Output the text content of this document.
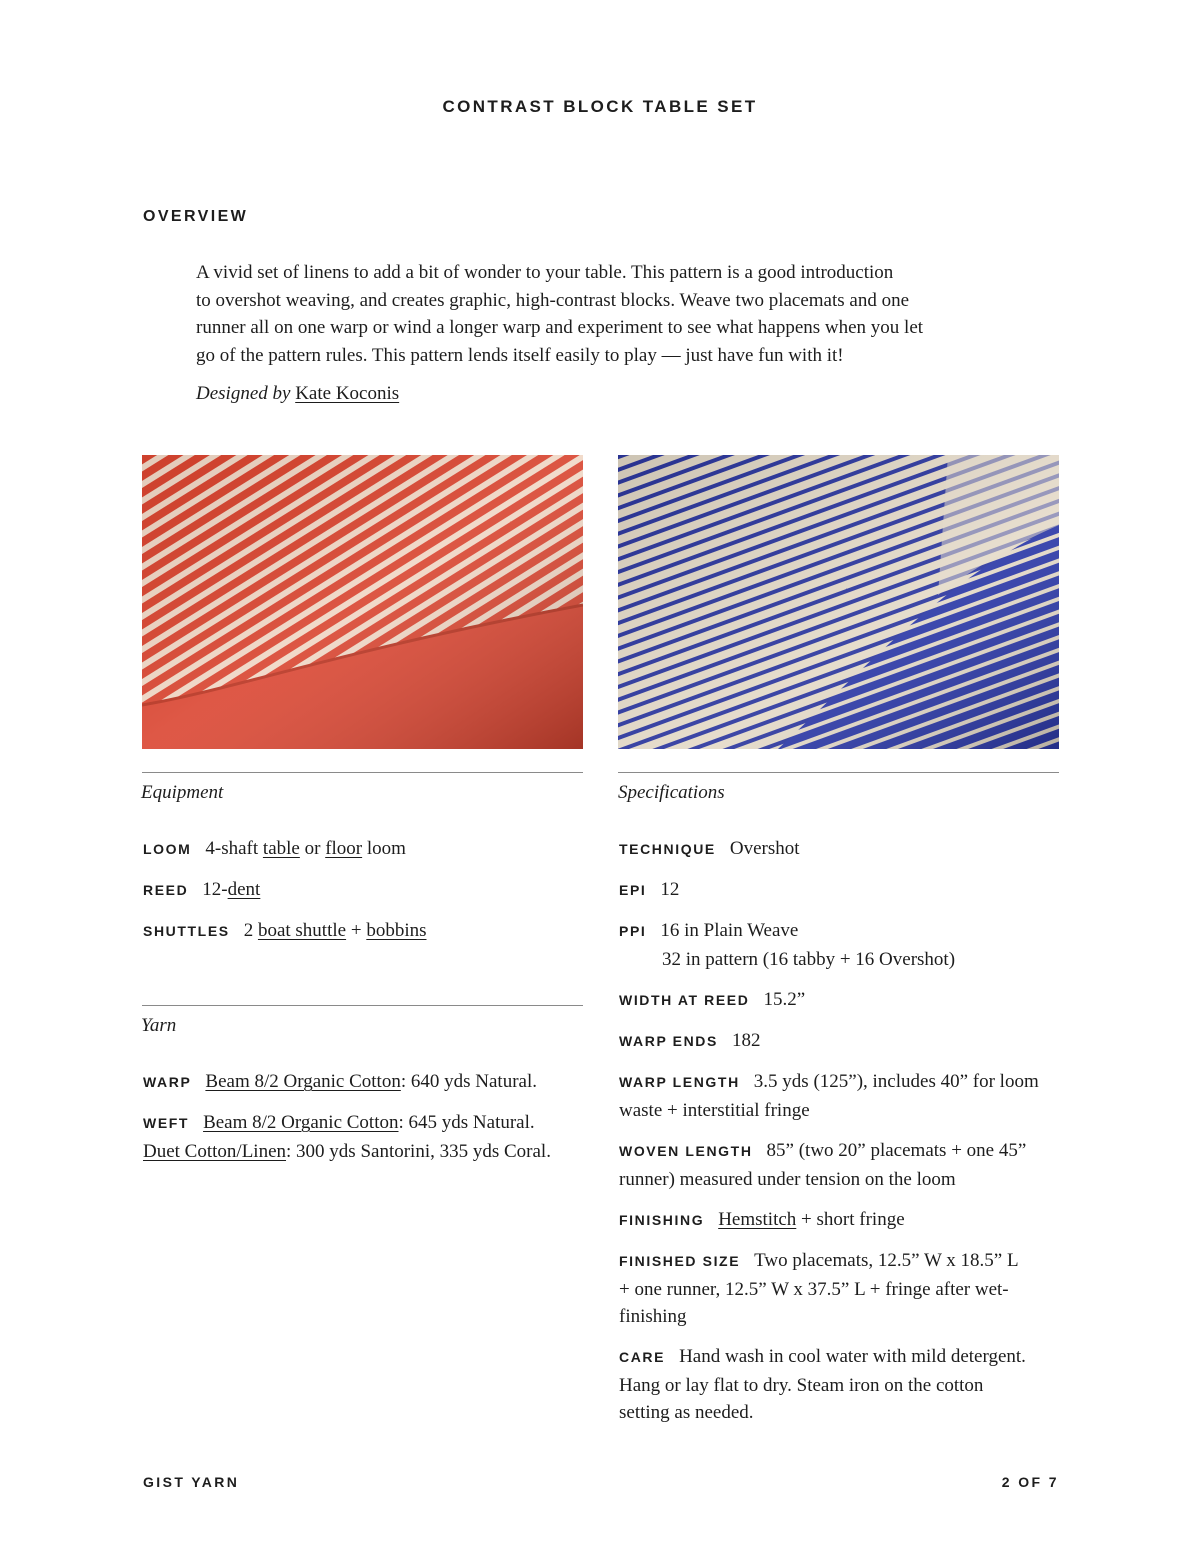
CONTRAST BLOCK TABLE SET
OVERVIEW

A vivid set of linens to add a bit of wonder to your table. This pattern is a good introduction

to overshot weaving, and creates graphic, high-contrast blocks. Weave two placemats and one

runner all on one warp or wind a longer warp and experiment to see what happens when you let

go of the pattern rules. This pattern lends itself easily to play — just have fun with it!

Designed by Kate Koconis
Equipment
LOOM 4-shaft table or floor loom
REED 12-dent
SHUTTLES 2 boat shuttle + bobbins
Yarn
WARP Beam 8/2 Organic Cotton: 640 yds Natural.
WEFT Beam 8/2 Organic Cotton: 645 yds Natural.
Duet Cotton/Linen: 300 yds Santorini, 335 yds Coral.
Specifications
TECHNIQUE Overshot
EPI 12
PPI 16 in Plain Weave
32 in pattern (16 tabby + 16 Overshot)
WIDTH AT REED 15.2”
WARP ENDS 182
WARP LENGTH 3.5 yds (125”), includes 40” for loom
waste + interstitial fringe
WOVEN LENGTH 85” (two 20” placemats + one 45”
runner) measured under tension on the loom
FINISHING Hemstitch + short fringe
FINISHED SIZE Two placemats, 12.5” W x 18.5” L
+ one runner, 12.5” W x 37.5” L + fringe after wet-
finishing
CARE Hand wash in cool water with mild detergent.
Hang or lay flat to dry. Steam iron on the cotton
setting as needed.
GIST YARN	2 OF 7
